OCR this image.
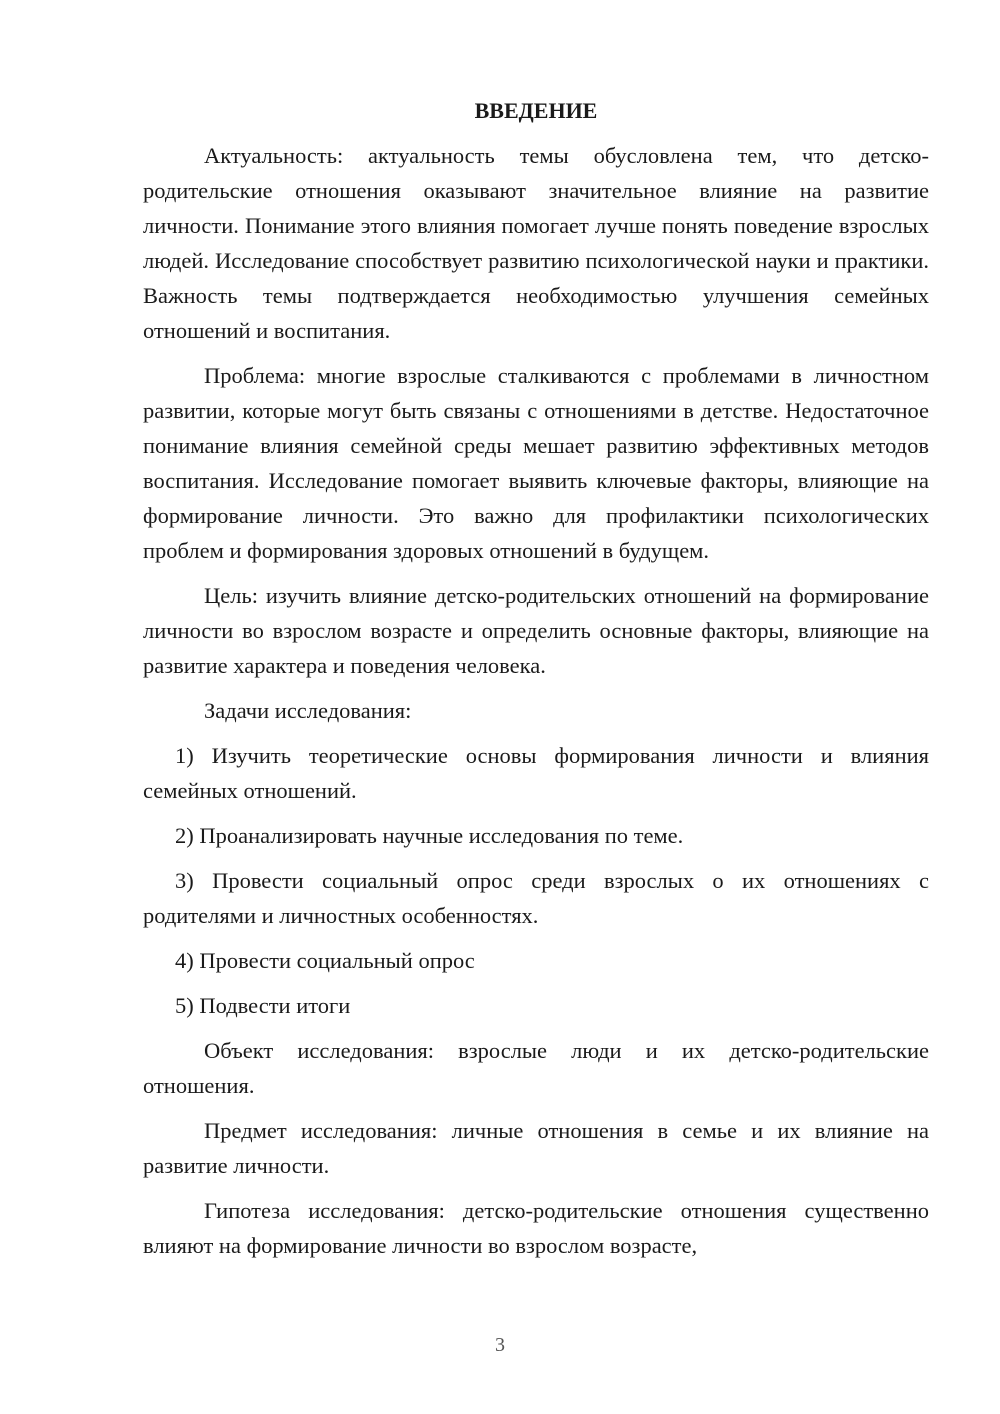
ВВЕДЕНИЕ

Актуальность: актуальность темы обусловлена тем, что детско-родительские отношения оказывают значительное влияние на развитие личности. Понимание этого влияния помогает лучше понять поведение взрослых людей. Исследование способствует развитию психологической науки и практики. Важность темы подтверждается необходимостью улучшения семейных отношений и воспитания.

Проблема: многие взрослые сталкиваются с проблемами в личностном развитии, которые могут быть связаны с отношениями в детстве. Недостаточное понимание влияния семейной среды мешает развитию эффективных методов воспитания. Исследование помогает выявить ключевые факторы, влияющие на формирование личности. Это важно для профилактики психологических проблем и формирования здоровых отношений в будущем.

Цель: изучить влияние детско-родительских отношений на формирование личности во взрослом возрасте и определить основные факторы, влияющие на развитие характера и поведения человека.

Задачи исследования:

1) Изучить теоретические основы формирования личности и влияния семейных отношений.

2) Проанализировать научные исследования по теме.

3) Провести социальный опрос среди взрослых о их отношениях с родителями и личностных особенностях.

4) Провести социальный опрос

5) Подвести итоги

Объект исследования: взрослые люди и их детско-родительские отношения.

Предмет исследования: личные отношения в семье и их влияние на развитие личности.

Гипотеза исследования: детско-родительские отношения существенно влияют на формирование личности во взрослом возрасте,

3
